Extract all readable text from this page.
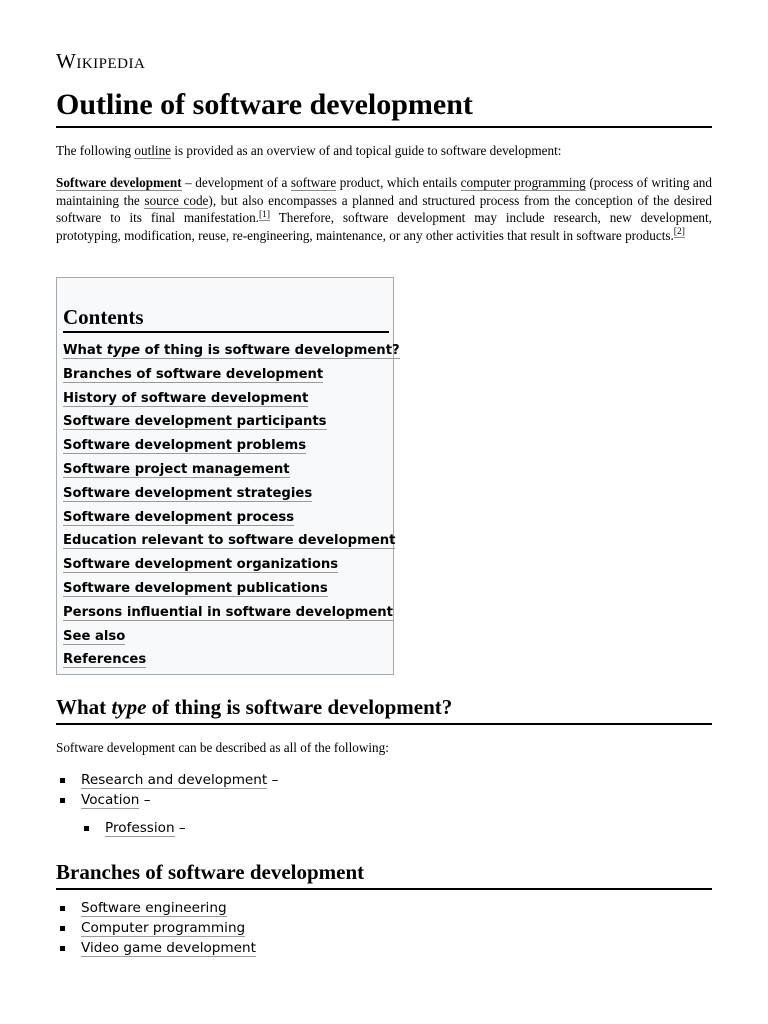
Wikipedia
Outline of software development

The following outline is provided as an overview of and topical guide to software development:

Software development – development of a software product, which entails computer programming (process of writing and maintaining the source code), but also encompasses a planned and structured process from the conception of the desired software to its final manifestation.[1] Therefore, software development may include research, new development, prototyping, modification, reuse, re-engineering, maintenance, or any other activities that result in software products.[2]

Contents
What type of thing is software development?
Branches of software development
History of software development
Software development participants
Software development problems
Software project management
Software development strategies
Software development process
Education relevant to software development
Software development organizations
Software development publications
Persons influential in software development
See also
References
What type of thing is software development?

Software development can be described as all of the following:

Research and development –
Vocation –
Profession –
Branches of software development
Software engineering
Computer programming
Video game development
